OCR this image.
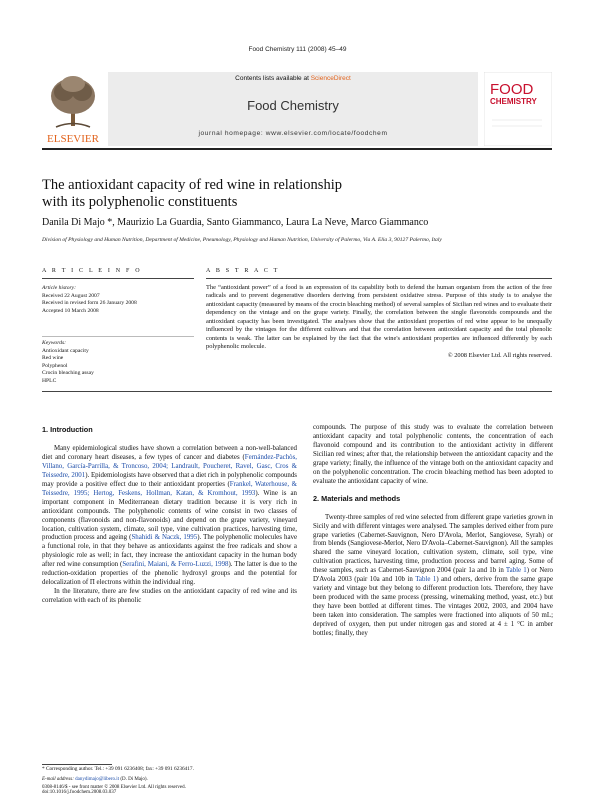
Food Chemistry 111 (2008) 45–49
ELSEVIER
Contents lists available at ScienceDirect
Food Chemistry
journal homepage: www.elsevier.com/locate/foodchem
FOOD
CHEMISTRY
The antioxidant capacity of red wine in relationship
with its polyphenolic constituents
Danila Di Majo *, Maurizio La Guardia, Santo Giammanco, Laura La Neve, Marco Giammanco
Division of Physiology and Human Nutrition, Department of Medicine, Pneumology, Physiology and Human Nutrition, University of Palermo, Via A. Elia 3, 90127 Palermo, Italy
A R T I C L E I N F O	A B S T R A C T
Article history:
Received 22 August 2007
Received in revised form 26 January 2008
Accepted 10 March 2008
Keywords:
Antioxidant capacity
Red wine
Polyphenol
Crocin bleaching assay
HPLC
The “antioxidant power” of a food is an expression of its capability both to defend the human organism from the action of the free radicals and to prevent degenerative disorders deriving from persistent oxidative stress. Purpose of this study is to analyse the antioxidant capacity (measured by means of the crocin bleaching method) of several samples of Sicilian red wines and to evaluate their dependency on the vintage and on the grape variety. Finally, the correlation between the single flavonoids compounds and the antioxidant capacity has been investigated. The analyses show that the antioxidant properties of red wine appear to be unequally influenced by the vintages for the different cultivars and that the correlation between antioxidant capacity and the total phenolic contents is weak. The latter can be explained by the fact that the wine's antioxidant properties are influenced differently by each polyphenolic molecule.
© 2008 Elsevier Ltd. All rights reserved.
1. Introduction

Many epidemiological studies have shown a correlation between a non-well-balanced diet and coronary heart diseases, a few types of cancer and diabetes (Fernández-Pachòs, Villano, García-Parrilla, & Troncoso, 2004; Landrault, Poucheret, Ravel, Gasc, Cros & Teissedre, 2001). Epidemiologists have observed that a diet rich in polyphenolic compounds may provide a positive effect due to their antioxidant properties (Frankel, Waterhouse, & Teissedre, 1995; Hertog, Feskens, Hollman, Katan, & Kromhout, 1993). Wine is an important component in Mediterranean dietary tradition because it is very rich in antioxidant compounds. The polyphenolic contents of wine consist in two classes of components (flavonoids and non-flavonoids) and depend on the grape variety, vineyard location, cultivation system, climate, soil type, vine cultivation practices, harvesting time, production process and ageing (Shahidi & Naczk, 1995). The polyphenolic molecules have a functional role, in that they behave as antioxidants against the free radicals and show a physiologic role as well; in fact, they increase the antioxidant capacity in the human body after red wine consumption (Serafini, Maiani, & Ferro-Luzzi, 1998). The latter is due to the reduction-oxidation properties of the phenolic hydroxyl groups and the potential for delocalization of Π electrons within the individual ring.

In the literature, there are few studies on the antioxidant capacity of red wine and its correlation with each of its phenolic

compounds. The purpose of this study was to evaluate the correlation between antioxidant capacity and total polyphenolic contents, the concentration of each flavonoid compound and its contribution to the antioxidant activity in different Sicilian red wines; after that, the relationship between the antioxidant capacity and the grape variety; finally, the influence of the vintage both on the antioxidant capacity and on the polyphenolic concentration. The crocin bleaching method has been adopted to evaluate the antioxidant capacity of wine.

2. Materials and methods

Twenty-three samples of red wine selected from different grape varieties grown in Sicily and with different vintages were analysed. The samples derived either from pure grape varieties (Cabernet-Sauvignon, Nero D'Avola, Merlot, Sangiovese, Syrah) or from blends (Sangiovese-Merlot, Nero D'Avola–Cabernet-Sauvignon). All the samples shared the same vineyard location, cultivation system, climate, soil type, vine cultivation practices, harvesting time, production process and barrel aging. Some of these samples, such as Cabernet-Sauvignon 2004 (pair 1a and 1b in Table 1) or Nero D'Avola 2003 (pair 10a and 10b in Table 1) and others, derive from the same grape variety and vintage but they belong to different production lots. Therefore, they have been produced with the same process (pressing, winemaking method, yeast, etc.) but they have been bottled at different times. The vintages 2002, 2003, and 2004 have been taken into consideration. The samples were fractioned into aliquots of 50 mL; deprived of oxygen, then put under nitrogen gas and stored at 4 ± 1 °C in amber bottles; finally, they

* Corresponding author. Tel.: +39 091 6236408; fax: +39 091 6236417.
E-mail address: danydimajo@libero.it (D. Di Majo).
0308-8146/$ - see front matter © 2008 Elsevier Ltd. All rights reserved.
doi:10.1016/j.foodchem.2008.03.037
